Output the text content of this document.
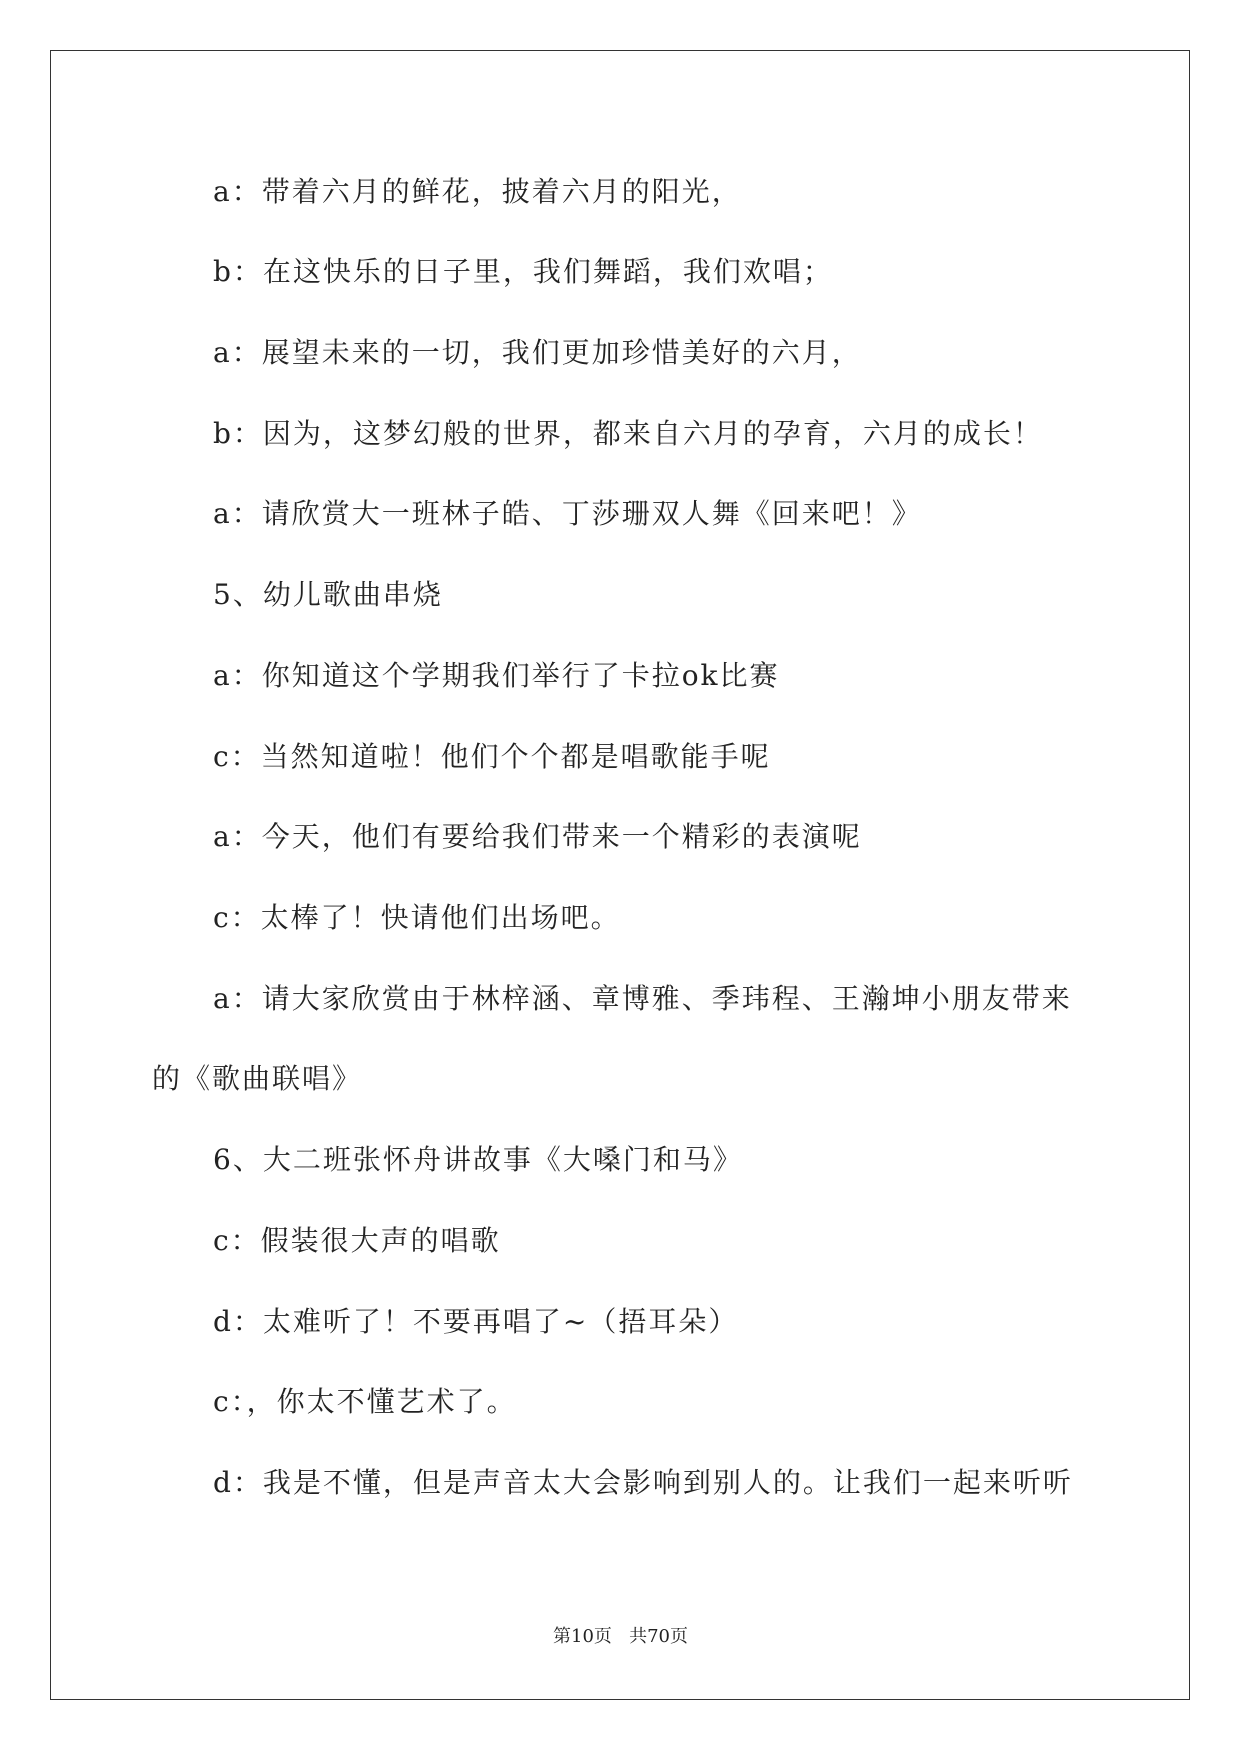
a：带着六月的鲜花，披着六月的阳光，
b：在这快乐的日子里，我们舞蹈，我们欢唱；
a：展望未来的一切，我们更加珍惜美好的六月，
b：因为，这梦幻般的世界，都来自六月的孕育，六月的成长！
a：请欣赏大一班林子皓、丁莎珊双人舞《回来吧！》
5、幼儿歌曲串烧
a：你知道这个学期我们举行了卡拉ok比赛
c：当然知道啦！他们个个都是唱歌能手呢
a：今天，他们有要给我们带来一个精彩的表演呢
c：太棒了！快请他们出场吧。
a：请大家欣赏由于林梓涵、章博雅、季玮程、王瀚坤小朋友带来
的《歌曲联唱》
6、大二班张怀舟讲故事《大嗓门和马》
c：假装很大声的唱歌
d：太难听了！不要再唱了~（捂耳朵）
c：，你太不懂艺术了。
d：我是不懂，但是声音太大会影响到别人的。让我们一起来听听
第10页   共70页
